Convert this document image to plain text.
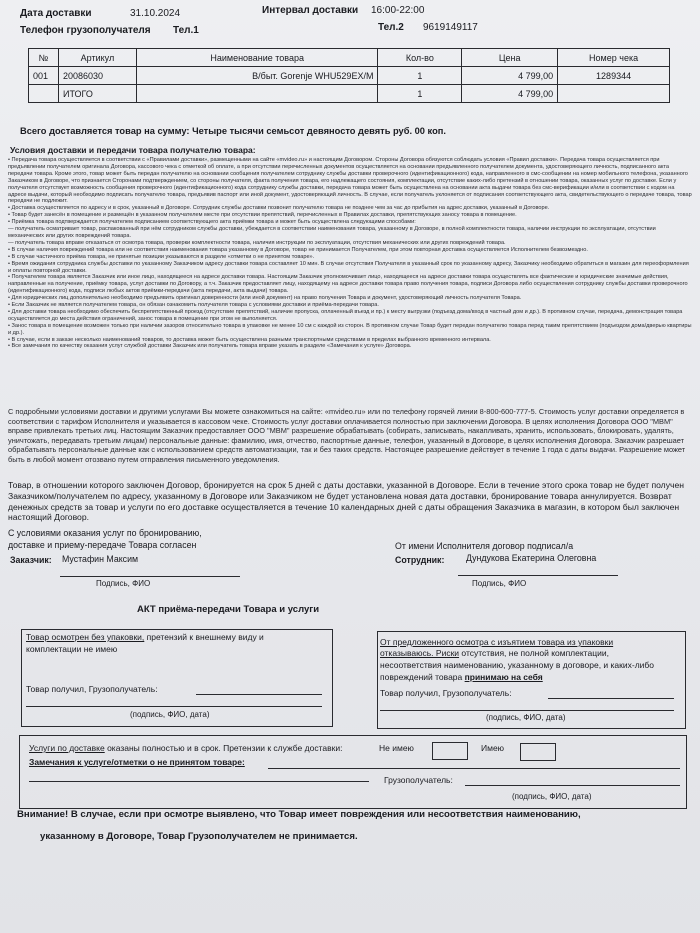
Дата доставки	31.10.2024	Интервал доставки 16:00-22:00
Телефон грузополучателя Тел.1	Тел.2 9619149117
№	Артикул	Наименование товара	Кол-во	Цена	Номер чека
001	20086030	В/быт. Gorenje WHU529EX/M	1	4 799,00	1289344
	ИТОГО		1	4 799,00	
Всего доставляется товар на сумму: Четыре тысячи семьсот девяносто девять руб. 00 коп.
Условия доставки и передачи товара получателю товара:

• Передача товара осуществляется в соответствии с «Правилами доставки», размещенными на сайте «mvideo.ru» и настоящим Договором. Стороны Договора обязуются соблюдать условия «Правил доставки». Передача товара осуществляется при предъявлении получателем оригинала Договора, кассового чека с отметкой об оплате, а при отсутствии перечисленных документов осуществляется на основании предъявленного получателем документа, удостоверяющего личность, подписанного акта передачи товара. Кроме этого, товар может быть передан получателю на основании сообщения получателем сотруднику службы доставки проверочного (идентификационного) кода, направленного в смс-сообщении на номер мобильного телефона, указанного Заказчиком в Договоре, что признается Сторонами подтверждением, со стороны получателя, факта получения товара, его надлежащего состояния, комплектации, отсутствие каких-либо претензий в отношении товара, оказанных услуг по доставке. Если у получателя отсутствует возможность сообщения проверочного (идентификационного) кода сотруднику службы доставки, передача товара может быть осуществлена на основании акта выдачи товара без смс-верификации и/или в соответствии с кодом на адресе выдачи, который необходимо подписать получателю товара, предъявив паспорт или иной документ, удостоверяющий личность. В случае, если получатель уклоняется от подписания соответствующего акта, свидетельствующего о передаче товара, товар передачи не подлежит.

• Доставка осуществляется по адресу и в срок, указанный в Договоре. Сотрудник службы доставки позвонит получателю товара не позднее чем за час до прибытия на адрес доставки, указанный в Договоре.

• Товар будет занесён в помещение и размещён в указанном получателем месте при отсутствии препятствий, перечисленных в Правилах доставки, препятствующих заносу товара в помещение.

• Приёмка товара подтверждается получателем подписанием соответствующего акта приёмки товара и может быть осуществлена следующими способами:

— получатель осматривает товар, распакованный при нём сотрудником службы доставки, убеждается в соответствии наименования товара, указанному в Договоре, в полной комплектности товара, наличии инструкции по эксплуатации, отсутствии механических или других повреждений товара.

— получатель товара вправе отказаться от осмотра товара, проверки комплектности товара, наличия инструкции по эксплуатации, отсутствия механических или других повреждений товара.

• В случае наличия повреждений товара или не соответствия наименования товара указанному в Договоре, товар не принимается Получателем, при этом повторная доставка осуществляется Исполнителем безвозмездно.

• В случае частичного приёма товара, не принятые позиции указываются в разделе «отметки о не принятом товаре».

• Время ожидания сотрудника службы доставки по указанному Заказчиком адресу доставки товара составляет 10 мин. В случае отсутствия Получателя в указанный срок по указанному адресу, Заказчику необходимо обратиться в магазин для переоформления и оплаты повторной доставки.

• Получателем товара является Заказчик или иное лицо, находящееся на адресе доставки товара. Настоящим Заказчик уполномочивает лицо, находящееся на адресе доставки товара осуществлять все фактические и юридические значимые действия, направленные на получение, приёмку товара, услуг доставки по Договору, а т.ч. Заказчик предоставляет лицу, находящему на адресе доставки товара право получения товара, подписи Договора либо осуществления сотруднику службы доставки проверочного (идентификационного) кода, подписи любых актов приёмки-передачи (акта передачи, акта выдачи) товара.

• Для юридических лиц дополнительно необходимо предъявить оригинал доверенности (или иной документ) на право получения Товара и документ, удостоверяющий личность получателя Товара.

• Если Заказчик не является получателем товара, он обязан ознакомить получателя товара с условиями доставки и приёма-передачи товара.

• Для доставки товара необходимо обеспечить беспрепятственный проезд (отсутствие препятствий, наличие пропуска, оплаченный въезд и пр.) к месту выгрузки (подъезд дома/вход в частный дом и др.). В противном случае, передача, демонстрация товара осуществляется до места действия ограничений, занос товара в помещение при этом не выполняется.

• Занос товара в помещение возможен только при наличии зазоров относительно товара в упаковке не менее 10 см с каждой из сторон. В противном случае Товар будет передан получателю товара перед таким препятствием (подъездом дома/дверью квартиры и др.).

• В случае, если в заказе несколько наименований товаров, то доставка может быть осуществлена разными транспортными средствами в пределах выбранного временного интервала.

• Все замечания по качеству оказания услуг службой доставки Заказчик или получатель товара вправе указать в разделе «Замечания к услуге» Договора.

С подробными условиями доставки и другими услугами Вы можете ознакомиться на сайте: «mvideo.ru» или по телефону горячей линии 8-800-600-777-5. Стоимость услуг доставки определяется в соответствии с тарифом Исполнителя и указывается в кассовом чеке. Стоимость услуг доставки оплачивается полностью при заключении Договора. В целях исполнения Договора ООО "МВМ" вправе привлекать третьих лиц. Настоящим Заказчик предоставляет ООО "МВМ" разрешение обрабатывать (собирать, записывать, накапливать, хранить, использовать, блокировать, удалять, уничтожать, передавать третьим лицам) персональные данные: фамилию, имя, отчество, паспортные данные, телефон, указанный в Договоре, в целях исполнения Договора. Заказчик разрешает обрабатывать персональные данные как с использованием средств автоматизации, так и без таких средств. Настоящее разрешение действует в течение 1 года с даты выдачи. Разрешение может быть в любой момент отозвано путем отправления письменного уведомления.
Товар, в отношении которого заключен Договор, бронируется на срок 5 дней с даты доставки, указанной в Договоре. Если в течение этого срока товар не будет получен Заказчиком/получателем по адресу, указанному в Договоре или Заказчиком не будет установлена новая дата доставки, бронирование товара аннулируется. Возврат денежных средств за товар и услуги по его доставке осуществляется в течение 10 календарных дней с даты обращения Заказчика в магазин, в котором был заключен настоящий Договор.
С условиями оказания услуг по бронированию,
доставке и приему-передаче Товара согласен
Заказчик: Мустафин Максим
Подпись, ФИО
От имени Исполнителя договор подписал/а
Сотрудник: Дундукова Екатерина Олеговна
Подпись, ФИО
АКТ приёма-передачи Товара и услуги
Товар осмотрен без упаковки, претензий к внешнему виду и
комплектации не имею
Товар получил, Грузополучатель:
(подпись, ФИО, дата)
От предложенного осмотра с изъятием товара из упаковки
отказываюсь. Риски отсутствия, не полной комплектации,
несоответствия наименованию, указанному в договоре, и каких-либо
повреждений товара принимаю на себя
Товар получил, Грузополучатель:
(подпись, ФИО, дата)
Услуги по доставке оказаны полностью и в срок. Претензии к службе доставки:	Не имею	Имею
Замечания к услуге/отметки о не принятом товаре:
Грузополучатель:
(подпись, ФИО, дата)
Внимание! В случае, если при осмотре выявлено, что Товар имеет повреждения или несоответствия наименованию,
указанному в Договоре, Товар Грузополучателем не принимается.
